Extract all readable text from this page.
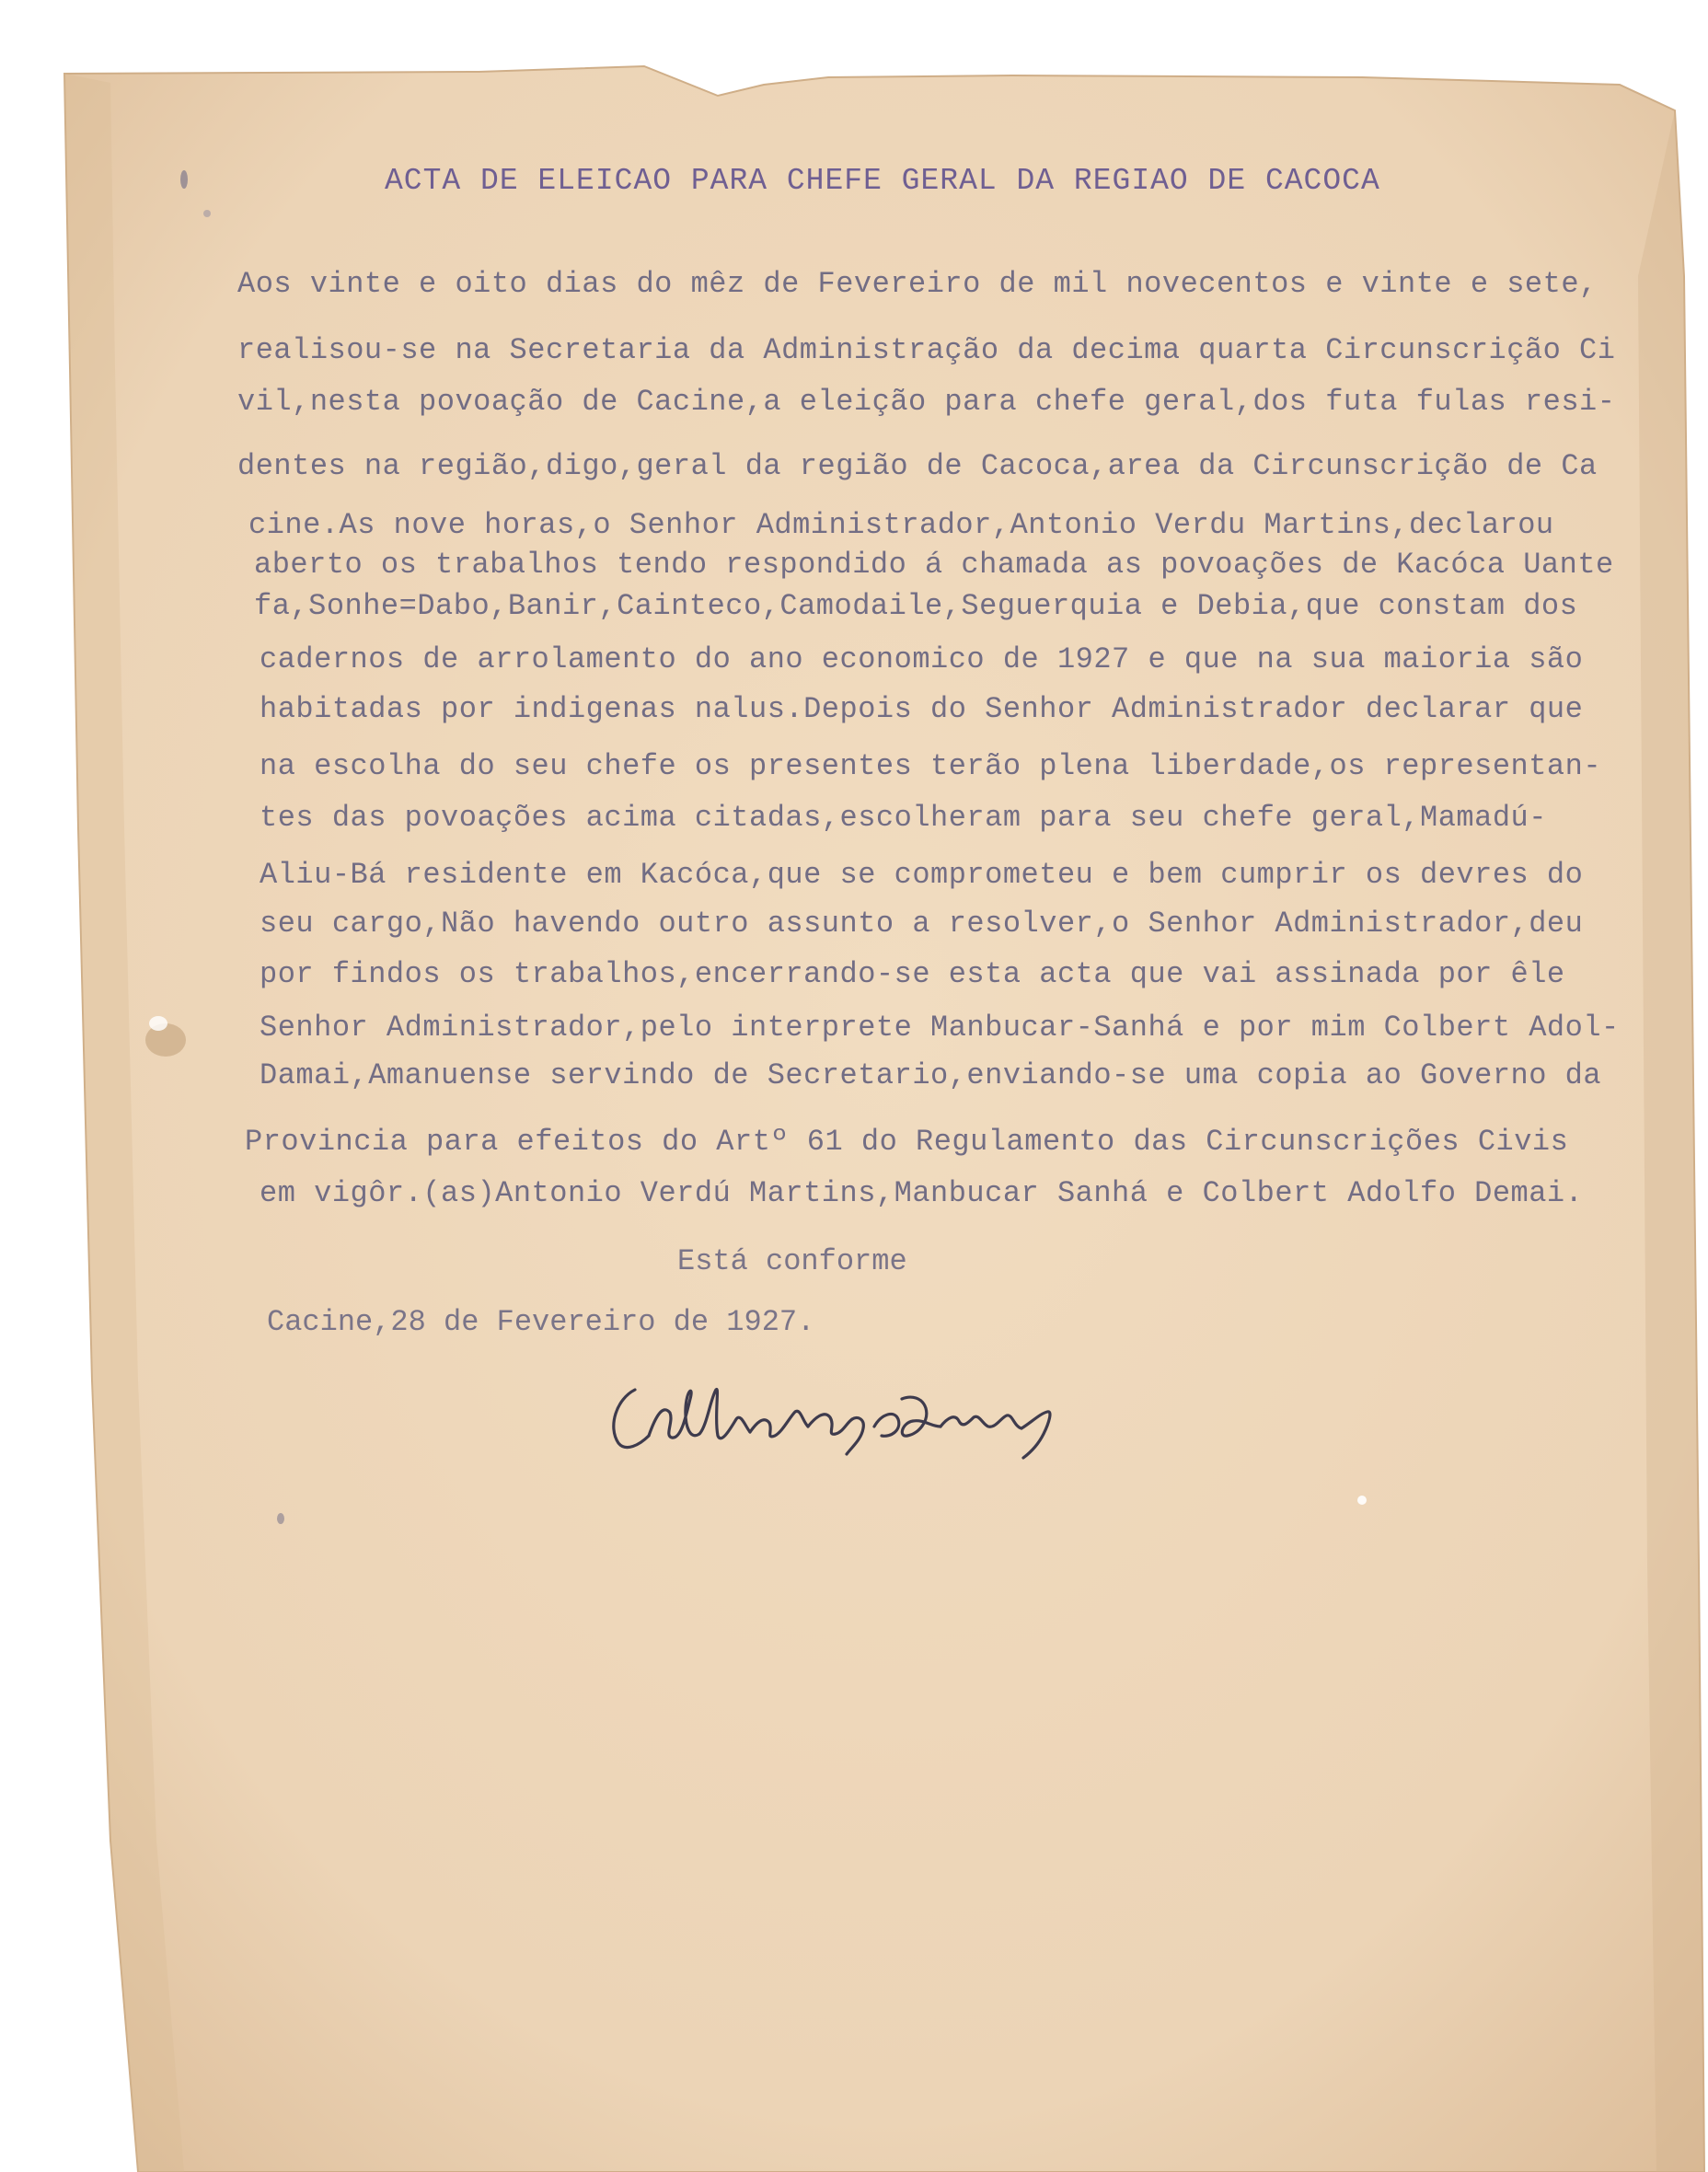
ACTA DE ELEICAO PARA CHEFE GERAL DA REGIAO DE CACOCA
Aos vinte e oito dias do mêz de Fevereiro de mil novecentos e vinte e sete,
realisou-se na Secretaria da Administração da decima quarta Circunscrição Ci
vil,nesta povoação de Cacine,a eleição para chefe geral,dos futa fulas resi-
dentes na região,digo,geral da região de Cacoca,area da Circunscrição de Ca
cine.As nove horas,o Senhor Administrador,Antonio Verdu Martins,declarou
aberto os trabalhos tendo respondido á chamada as povoações de Kacóca Uante
fa,Sonhe=Dabo,Banir,Cainteco,Camodaile,Seguerquia e Debia,que constam dos
cadernos de arrolamento do ano economico de 1927 e que na sua maioria são
habitadas por indigenas nalus.Depois do Senhor Administrador declarar que
na escolha do seu chefe os presentes terão plena liberdade,os representan-
tes das povoações acima citadas,escolheram para seu chefe geral,Mamadú-
Aliu-Bá residente em Kacóca,que se comprometeu e bem cumprir os devres do
seu cargo,Não havendo outro assunto a resolver,o Senhor Administrador,deu
por findos os trabalhos,encerrando-se esta acta que vai assinada por êle
Senhor Administrador,pelo interprete Manbucar-Sanhá e por mim Colbert Adol-
Damai,Amanuense servindo de Secretario,enviando-se uma copia ao Governo da
Provincia para efeitos do Artº 61 do Regulamento das Circunscrições Civis
em vigôr.(as)Antonio Verdú Martins,Manbucar Sanhá e Colbert Adolfo Demai.
Está conforme
Cacine,28 de Fevereiro de 1927.
